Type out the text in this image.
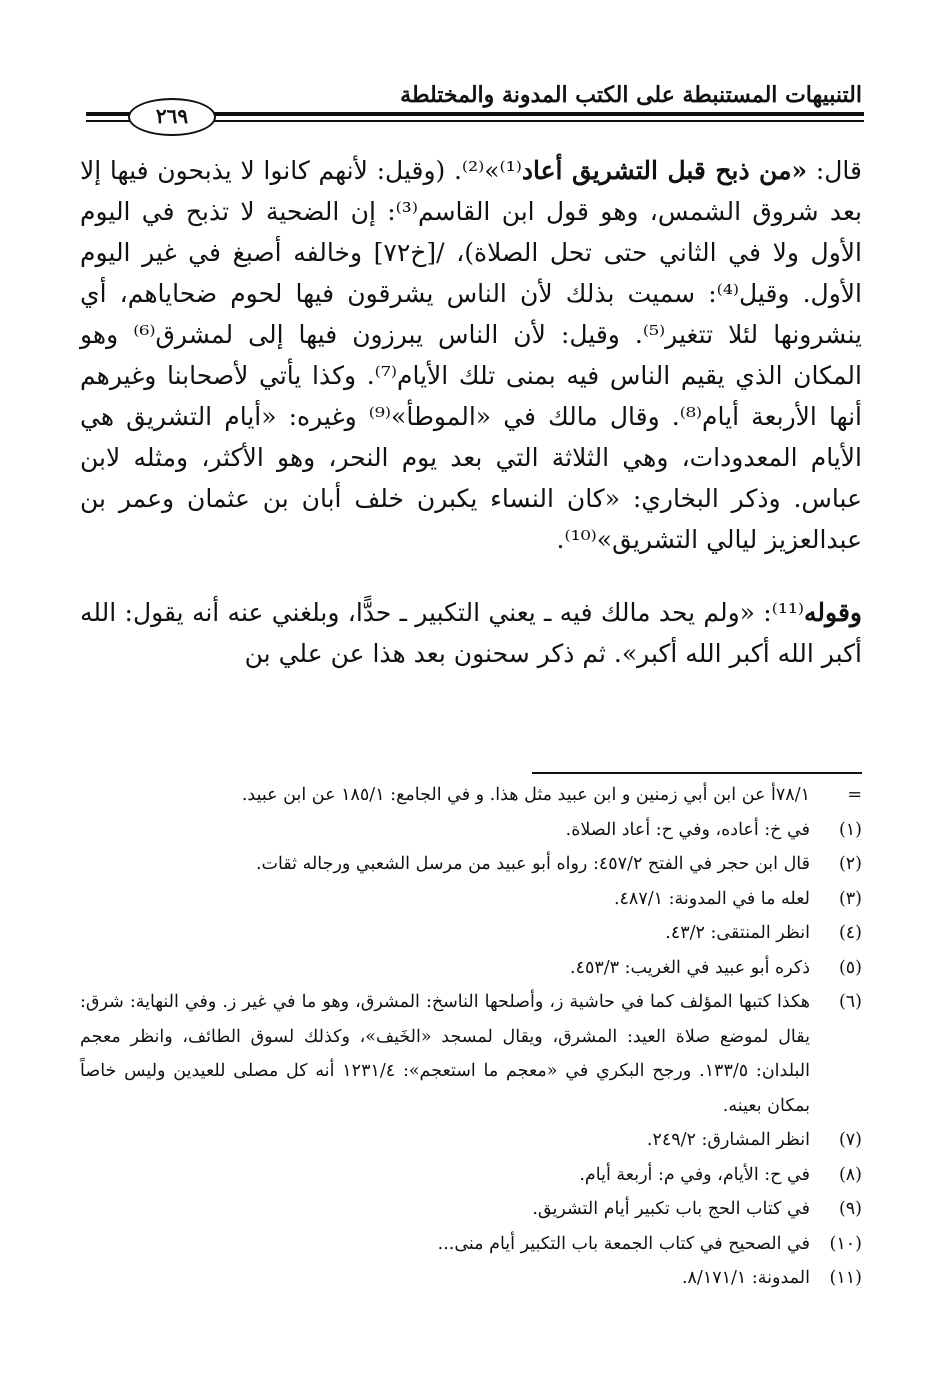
التنبيهات المستنبطة على الكتب المدونة والمختلطة
٢٦٩

قال: «من ذبح قبل التشريق أعاد⁽¹⁾»⁽²⁾. (وقيل: لأنهم كانوا لا يذبحون فيها إلا بعد شروق الشمس، وهو قول ابن القاسم⁽³⁾: إن الضحية لا تذبح في اليوم الأول ولا في الثاني حتى تحل الصلاة)، /[خ٧٢] وخالفه أصبغ في غير اليوم الأول. وقيل⁽⁴⁾: سميت بذلك لأن الناس يشرقون فيها لحوم ضحاياهم، أي ينشرونها لئلا تتغير⁽⁵⁾. وقيل: لأن الناس يبرزون فيها إلى لمشرق⁽⁶⁾ وهو المكان الذي يقيم الناس فيه بمنى تلك الأيام⁽⁷⁾. وكذا يأتي لأصحابنا وغيرهم أنها الأربعة أيام⁽⁸⁾. وقال مالك في «الموطأ»⁽⁹⁾ وغيره: «أيام التشريق هي الأيام المعدودات، وهي الثلاثة التي بعد يوم النحر، وهو الأكثر، ومثله لابن عباس. وذكر البخاري: «كان النساء يكبرن خلف أبان بن عثمان وعمر بن عبدالعزيز ليالي التشريق»⁽¹⁰⁾.

وقوله⁽¹¹⁾: «ولم يحد مالك فيه ـ يعني التكبير ـ حدًّا، وبلغني عنه أنه يقول: الله أكبر الله أكبر الله أكبر». ثم ذكر سحنون بعد هذا عن علي بن

=
٧٨/١أ عن ابن أبي زمنين و ابن عبيد مثل هذا. و في الجامع: ١٨٥/١ عن ابن عبيد.
(١)
في خ: أعاده، وفي ح: أعاد الصلاة.
(٢)
قال ابن حجر في الفتح ٤٥٧/٢: رواه أبو عبيد من مرسل الشعبي ورجاله ثقات.
(٣)
لعله ما في المدونة: ٤٨٧/١.
(٤)
انظر المنتقى: ٤٣/٢.
(٥)
ذكره أبو عبيد في الغريب: ٤٥٣/٣.
(٦)
هكذا كتبها المؤلف كما في حاشية ز، وأصلحها الناسخ: المشرق، وهو ما في غير ز. وفي النهاية: شرق: يقال لموضع صلاة العيد: المشرق، ويقال لمسجد «الخَيف»، وكذلك لسوق الطائف، وانظر معجم البلدان: ١٣٣/٥. ورجح البكري في «معجم ما استعجم»: ١٢٣١/٤ أنه كل مصلى للعيدين وليس خاصاً بمكان بعينه.
(٧)
انظر المشارق: ٢٤٩/٢.
(٨)
في ح: الأيام، وفي م: أربعة أيام.
(٩)
في كتاب الحج باب تكبير أيام التشريق.
(١٠)
في الصحيح في كتاب الجمعة باب التكبير أيام منى...
(١١)
المدونة: ٨/١٧١/١.
